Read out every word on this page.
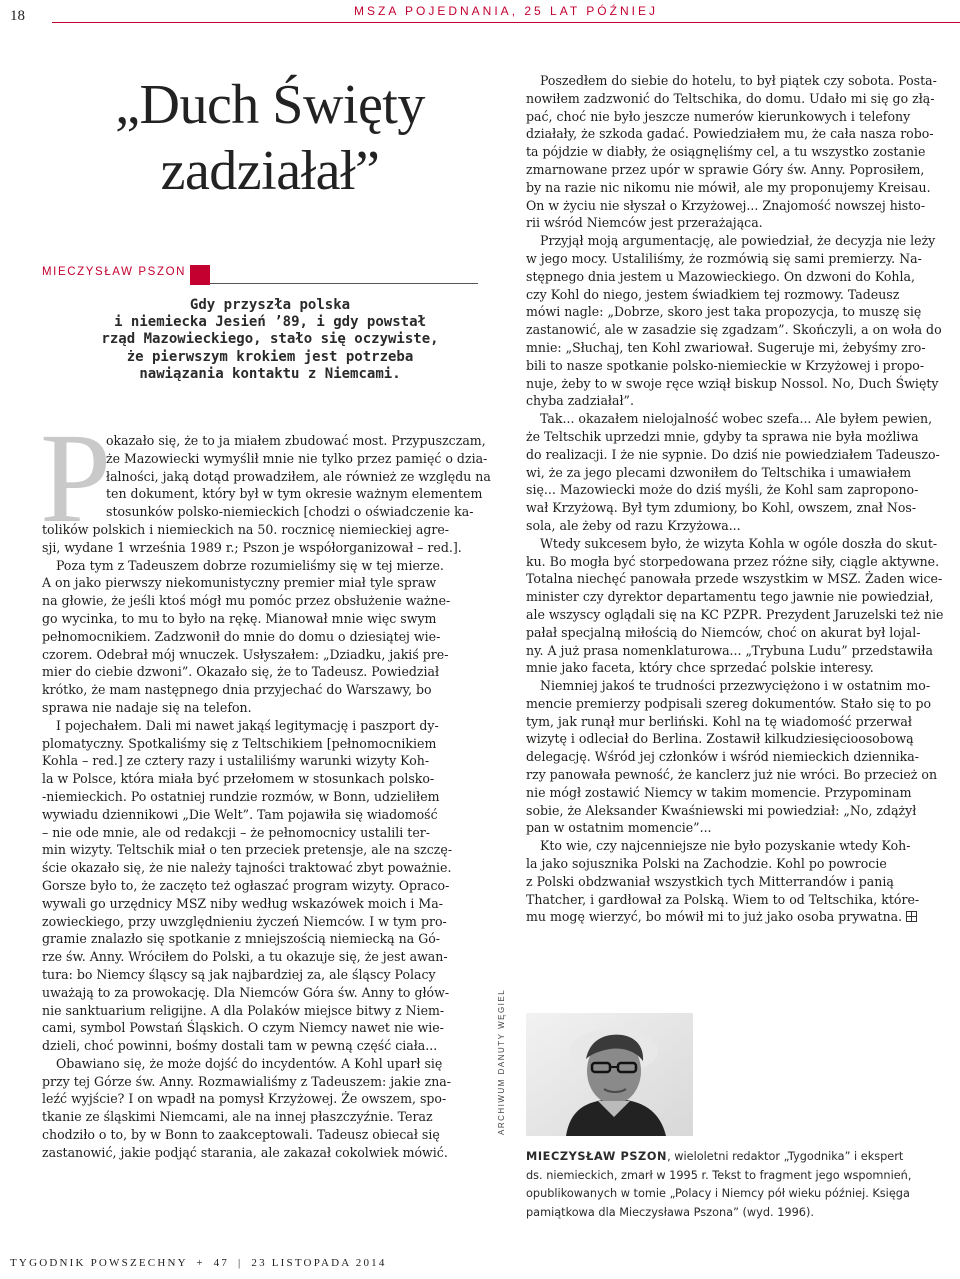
18	MSZA POJEDNANIA, 25 LAT PÓŹNIEJ
„Duch Święty
zadziałał”
MIECZYSŁAW PSZON
Gdy przyszła polska
i niemiecka Jesień ’89, i gdy powstał
rząd Mazowieckiego, stało się oczywiste,
że pierwszym krokiem jest potrzeba
nawiązania kontaktu z Niemcami.
P
okazało się, że to ja miałem zbudować most. Przypuszczam,
że Mazowiecki wymyślił mnie nie tylko przez pamięć o dzia-
łalności, jaką dotąd prowadziłem, ale również ze względu na
ten dokument, który był w tym okresie ważnym elementem
stosunków polsko-niemieckich [chodzi o oświadczenie ka-
tolików polskich i niemieckich na 50. rocznicę niemieckiej agre-
sji, wydane 1 września 1989 r.; Pszon je współorganizował – red.].
Poza tym z Tadeuszem dobrze rozumieliśmy się w tej mierze.
A on jako pierwszy niekomunistyczny premier miał tyle spraw
na głowie, że jeśli ktoś mógł mu pomóc przez obsłużenie ważne-
go wycinka, to mu to było na rękę. Mianował mnie więc swym
pełnomocnikiem. Zadzwonił do mnie do domu o dziesiątej wie-
czorem. Odebrał mój wnuczek. Usłyszałem: „Dziadku, jakiś pre-
mier do ciebie dzwoni”. Okazało się, że to Tadeusz. Powiedział
krótko, że mam następnego dnia przyjechać do Warszawy, bo
sprawa nie nadaje się na telefon.
I pojechałem. Dali mi nawet jakąś legitymację i paszport dy-
plomatyczny. Spotkaliśmy się z Teltschikiem [pełnomocnikiem
Kohla – red.] ze cztery razy i ustaliliśmy warunki wizyty Koh-
la w Polsce, która miała być przełomem w stosunkach polsko-
-niemieckich. Po ostatniej rundzie rozmów, w Bonn, udzieliłem
wywiadu dziennikowi „Die Welt”. Tam pojawiła się wiadomość
– nie ode mnie, ale od redakcji – że pełnomocnicy ustalili ter-
min wizyty. Teltschik miał o ten przeciek pretensje, ale na szczę-
ście okazało się, że nie należy tajności traktować zbyt poważnie.
Gorsze było to, że zaczęto też ogłaszać program wizyty. Opraco-
wywali go urzędnicy MSZ niby według wskazówek moich i Ma-
zowieckiego, przy uwzględnieniu życzeń Niemców. I w tym pro-
gramie znalazło się spotkanie z mniejszością niemiecką na Gó-
rze św. Anny. Wróciłem do Polski, a tu okazuje się, że jest awan-
tura: bo Niemcy śląscy są jak najbardziej za, ale śląscy Polacy
uważają to za prowokację. Dla Niemców Góra św. Anny to głów-
nie sanktuarium religijne. A dla Polaków miejsce bitwy z Niem-
cami, symbol Powstań Śląskich. O czym Niemcy nawet nie wie-
dzieli, choć powinni, bośmy dostali tam w pewną część ciała...
Obawiano się, że może dojść do incydentów. A Kohl uparł się
przy tej Górze św. Anny. Rozmawialiśmy z Tadeuszem: jakie zna-
leźć wyjście? I on wpadł na pomysł Krzyżowej. Że owszem, spo-
tkanie ze śląskimi Niemcami, ale na innej płaszczyźnie. Teraz
chodziło o to, by w Bonn to zaakceptowali. Tadeusz obiecał się
zastanowić, jakie podjąć starania, ale zakazał cokolwiek mówić.
Poszedłem do siebie do hotelu, to był piątek czy sobota. Posta-
nowiłem zadzwonić do Teltschika, do domu. Udało mi się go złą-
pać, choć nie było jeszcze numerów kierunkowych i telefony
działały, że szkoda gadać. Powiedziałem mu, że cała nasza robo-
ta pójdzie w diabły, że osiągnęliśmy cel, a tu wszystko zostanie
zmarnowane przez upór w sprawie Góry św. Anny. Poprosiłem,
by na razie nic nikomu nie mówił, ale my proponujemy Kreisau.
On w życiu nie słyszał o Krzyżowej... Znajomość nowszej histo-
rii wśród Niemców jest przerażająca.
Przyjął moją argumentację, ale powiedział, że decyzja nie leży
w jego mocy. Ustaliliśmy, że rozmówią się sami premierzy. Na-
stępnego dnia jestem u Mazowieckiego. On dzwoni do Kohla,
czy Kohl do niego, jestem świadkiem tej rozmowy. Tadeusz
mówi nagle: „Dobrze, skoro jest taka propozycja, to muszę się
zastanowić, ale w zasadzie się zgadzam”. Skończyli, a on woła do
mnie: „Słuchaj, ten Kohl zwariował. Sugeruje mi, żebyśmy zro-
bili to nasze spotkanie polsko-niemieckie w Krzyżowej i propo-
nuje, żeby to w swoje ręce wziął biskup Nossol. No, Duch Święty
chyba zadziałał”.
Tak... okazałem nielojalność wobec szefa... Ale byłem pewien,
że Teltschik uprzedzi mnie, gdyby ta sprawa nie była możliwa
do realizacji. I że nie sypnie. Do dziś nie powiedziałem Tadeuszo-
wi, że za jego plecami dzwoniłem do Teltschika i umawiałem
się... Mazowiecki może do dziś myśli, że Kohl sam zapropono-
wał Krzyżową. Był tym zdumiony, bo Kohl, owszem, znał Nos-
sola, ale żeby od razu Krzyżowa...
Wtedy sukcesem było, że wizyta Kohla w ogóle doszła do skut-
ku. Bo mogła być storpedowana przez różne siły, ciągle aktywne.
Totalna niechęć panowała przede wszystkim w MSZ. Żaden wice-
minister czy dyrektor departamentu tego jawnie nie powiedział,
ale wszyscy oglądali się na KC PZPR. Prezydent Jaruzelski też nie
pałał specjalną miłością do Niemców, choć on akurat był lojal-
ny. A już prasa nomenklaturowa... „Trybuna Ludu” przedstawiła
mnie jako faceta, który chce sprzedać polskie interesy.
Niemniej jakoś te trudności przezwyciężono i w ostatnim mo-
mencie premierzy podpisali szereg dokumentów. Stało się to po
tym, jak runął mur berliński. Kohl na tę wiadomość przerwał
wizytę i odleciał do Berlina. Zostawił kilkudziesięcioosobową
delegację. Wśród jej członków i wśród niemieckich dziennika-
rzy panowała pewność, że kanclerz już nie wróci. Bo przecież on
nie mógł zostawić Niemcy w takim momencie. Przypominam
sobie, że Aleksander Kwaśniewski mi powiedział: „No, zdążył
pan w ostatnim momencie”...
Kto wie, czy najcenniejsze nie było pozyskanie wtedy Koh-
la jako sojusznika Polski na Zachodzie. Kohl po powrocie
z Polski obdzwaniał wszystkich tych Mitterrandów i panią
Thatcher, i gardłował za Polską. Wiem to od Teltschika, które-
mu mogę wierzyć, bo mówił mi to już jako osoba prywatna.
ARCHIWUM DANUTY WĘGIEL
MIECZYSŁAW PSZON, wieloletni redaktor „Tygodnika” i ekspert
ds. niemieckich, zmarł w 1995 r. Tekst to fragment jego wspomnień,
opublikowanych w tomie „Polacy i Niemcy pół wieku później. Księga
pamiątkowa dla Mieczysława Pszona” (wyd. 1996).
TYGODNIK POWSZECHNY + 47 | 23 LISTOPADA 2014
